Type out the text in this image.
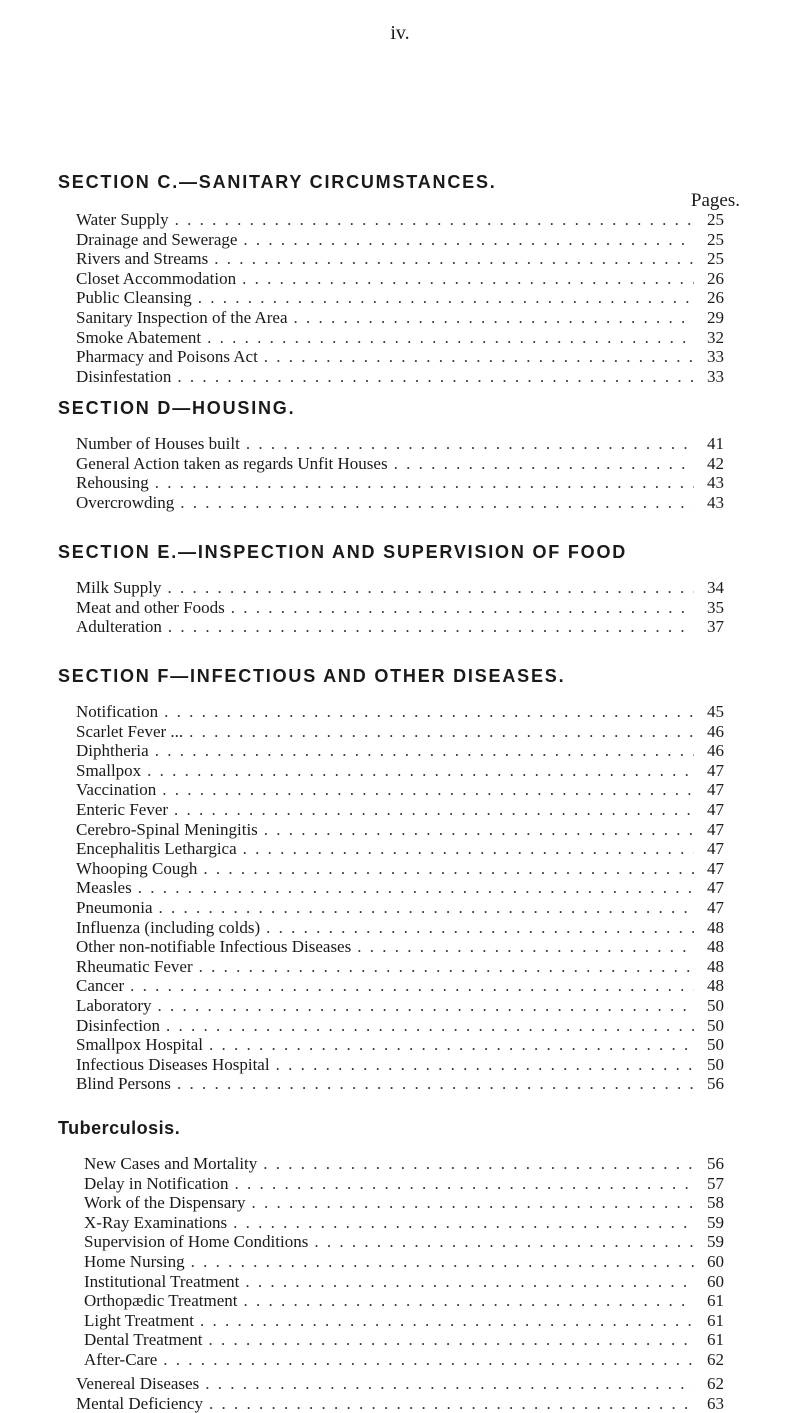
iv.
SECTION C.—SANITARY CIRCUMSTANCES.
Pages.
Water Supply . . .	25
Drainage and Sewerage . . .	25
Rivers and Streams . . .	25
Closet Accommodation . . .	26
Public Cleansing . . .	26
Sanitary Inspection of the Area . . .	29
Smoke Abatement . . .	32
Pharmacy and Poisons Act . . .	33
Disinfestation . . .	33
SECTION D—HOUSING.
Number of Houses built . . .	41
General Action taken as regards Unfit Houses . . .	42
Rehousing . . .	43
Overcrowding . . .	43
SECTION E.—INSPECTION AND SUPERVISION OF FOOD
Milk Supply . . .	34
Meat and other Foods . . .	35
Adulteration . . .	37
SECTION F—INFECTIOUS AND OTHER DISEASES.
Notification . . .	45
Scarlet Fever ... . . .	46
Diphtheria . . .	46
Smallpox . . .	47
Vaccination . . .	47
Enteric Fever . . .	47
Cerebro-Spinal Meningitis . . .	47
Encephalitis Lethargica . . .	47
Whooping Cough . . .	47
Measles . . .	47
Pneumonia . . .	47
Influenza (including colds) . . .	48
Other non-notifiable Infectious Diseases . . .	48
Rheumatic Fever . . .	48
Cancer . . .	48
Laboratory . . .	50
Disinfection . . .	50
Smallpox Hospital . . .	50
Infectious Diseases Hospital . . .	50
Blind Persons . . .	56
Tuberculosis.
New Cases and Mortality . . .	56
Delay in Notification . . .	57
Work of the Dispensary . . .	58
X-Ray Examinations . . .	59
Supervision of Home Conditions . . .	59
Home Nursing . . .	60
Institutional Treatment . . .	60
Orthopædic Treatment . . .	61
Light Treatment . . .	61
Dental Treatment . . .	61
After-Care . . .	62
Venereal Diseases . . .	62
Mental Deficiency . . .	63
